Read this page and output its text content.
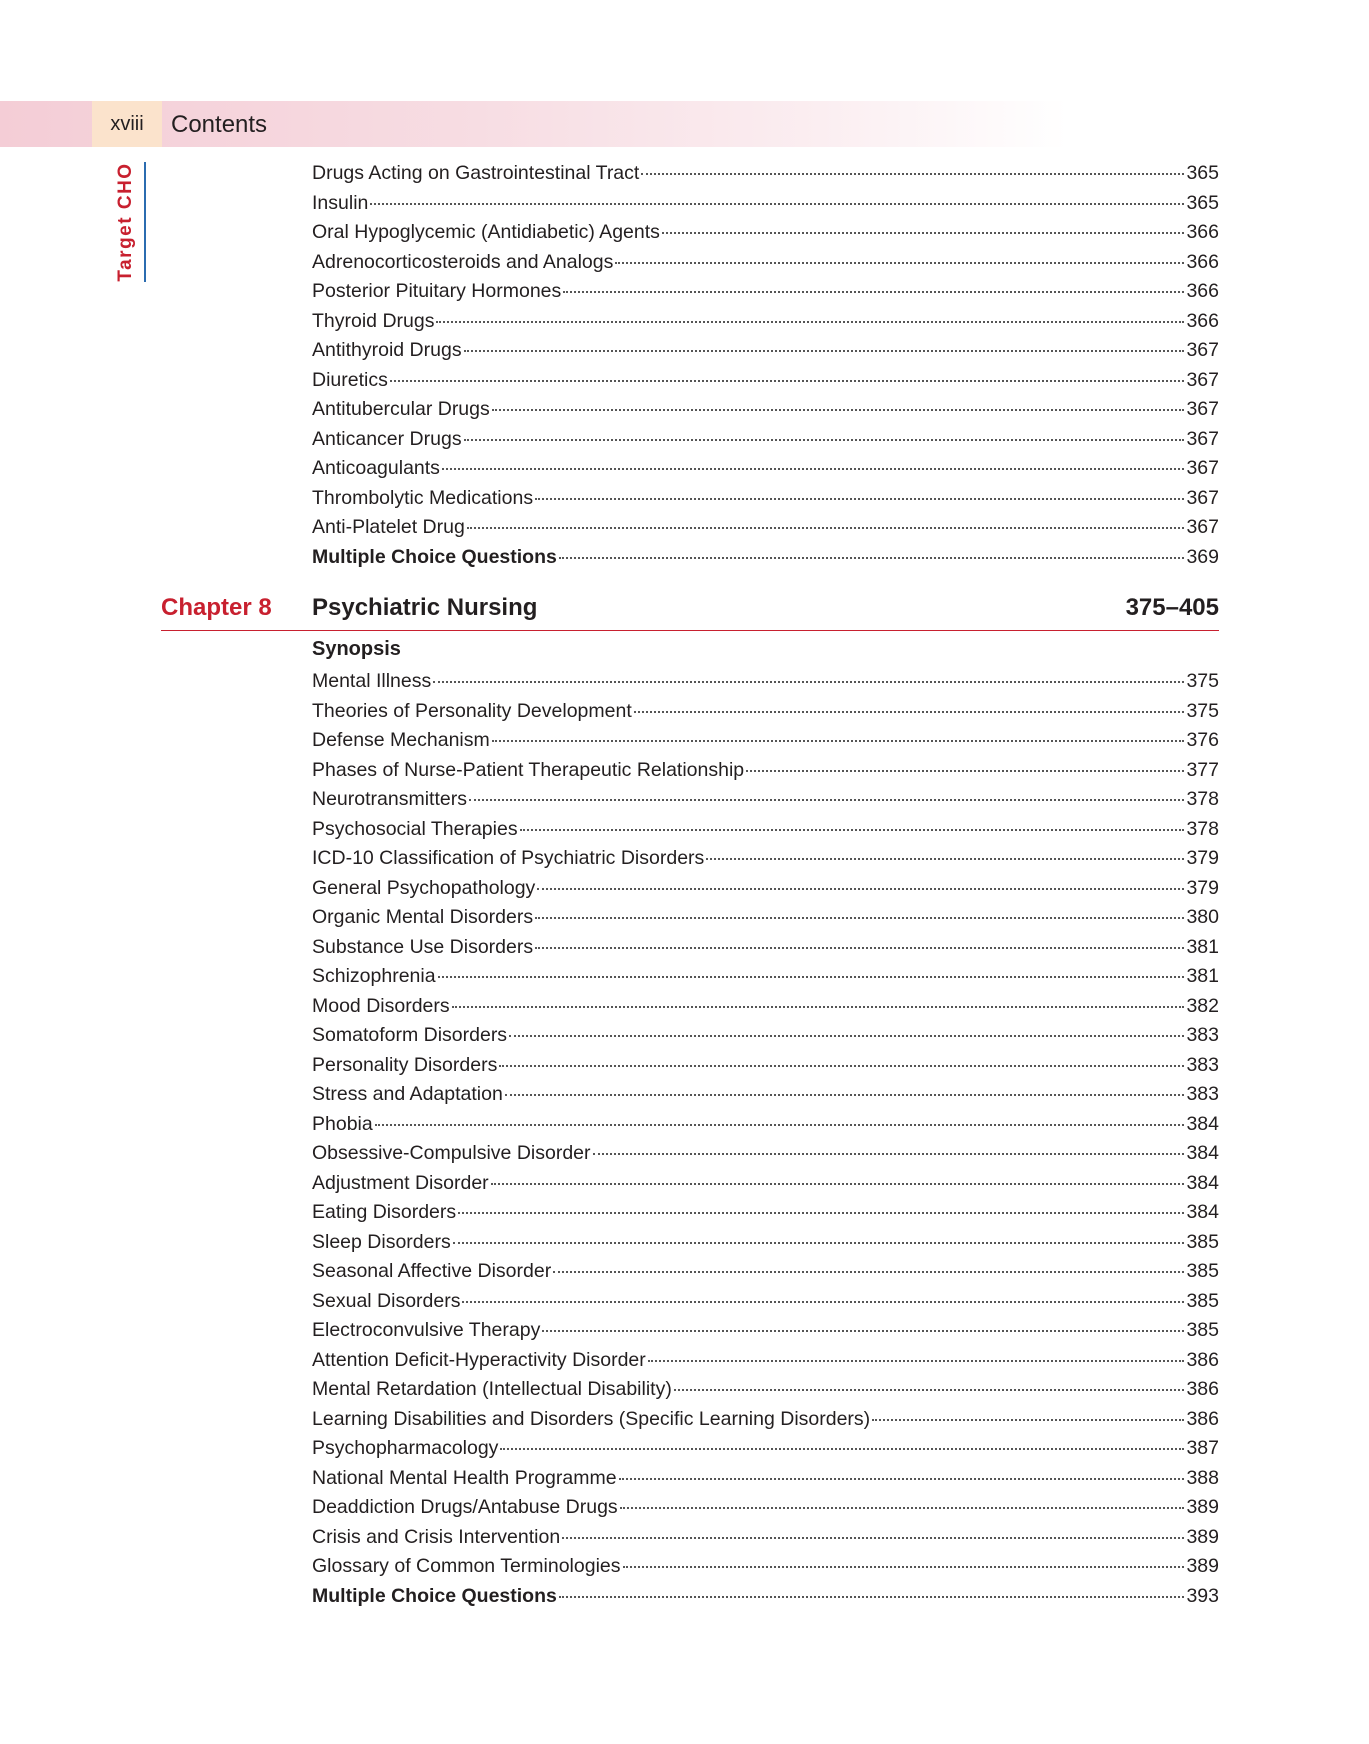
xviii	Contents
Target CHO	Drugs Acting on Gastrointestinal Tract	365
Insulin	365
Oral Hypoglycemic (Antidiabetic) Agents	366
Adrenocorticosteroids and Analogs	366
Posterior Pituitary Hormones	366
Thyroid Drugs	366
Antithyroid Drugs	367
Diuretics	367
Antitubercular Drugs	367
Anticancer Drugs	367
Anticoagulants	367
Thrombolytic Medications	367
Anti-Platelet Drug	367
Multiple Choice Questions	369
Chapter 8 Psychiatric Nursing	375–405
Synopsis
Mental Illness	375
Theories of Personality Development	375
Defense Mechanism	376
Phases of Nurse-Patient Therapeutic Relationship	377
Neurotransmitters	378
Psychosocial Therapies	378
ICD-10 Classification of Psychiatric Disorders	379
General Psychopathology	379
Organic Mental Disorders	380
Substance Use Disorders	381
Schizophrenia	381
Mood Disorders	382
Somatoform Disorders	383
Personality Disorders	383
Stress and Adaptation	383
Phobia	384
Obsessive-Compulsive Disorder	384
Adjustment Disorder	384
Eating Disorders	384
Sleep Disorders	385
Seasonal Affective Disorder	385
Sexual Disorders	385
Electroconvulsive Therapy	385
Attention Deficit-Hyperactivity Disorder	386
Mental Retardation (Intellectual Disability)	386
Learning Disabilities and Disorders (Specific Learning Disorders)	386
Psychopharmacology	387
National Mental Health Programme	388
Deaddiction Drugs/Antabuse Drugs	389
Crisis and Crisis Intervention	389
Glossary of Common Terminologies	389
Multiple Choice Questions	393
